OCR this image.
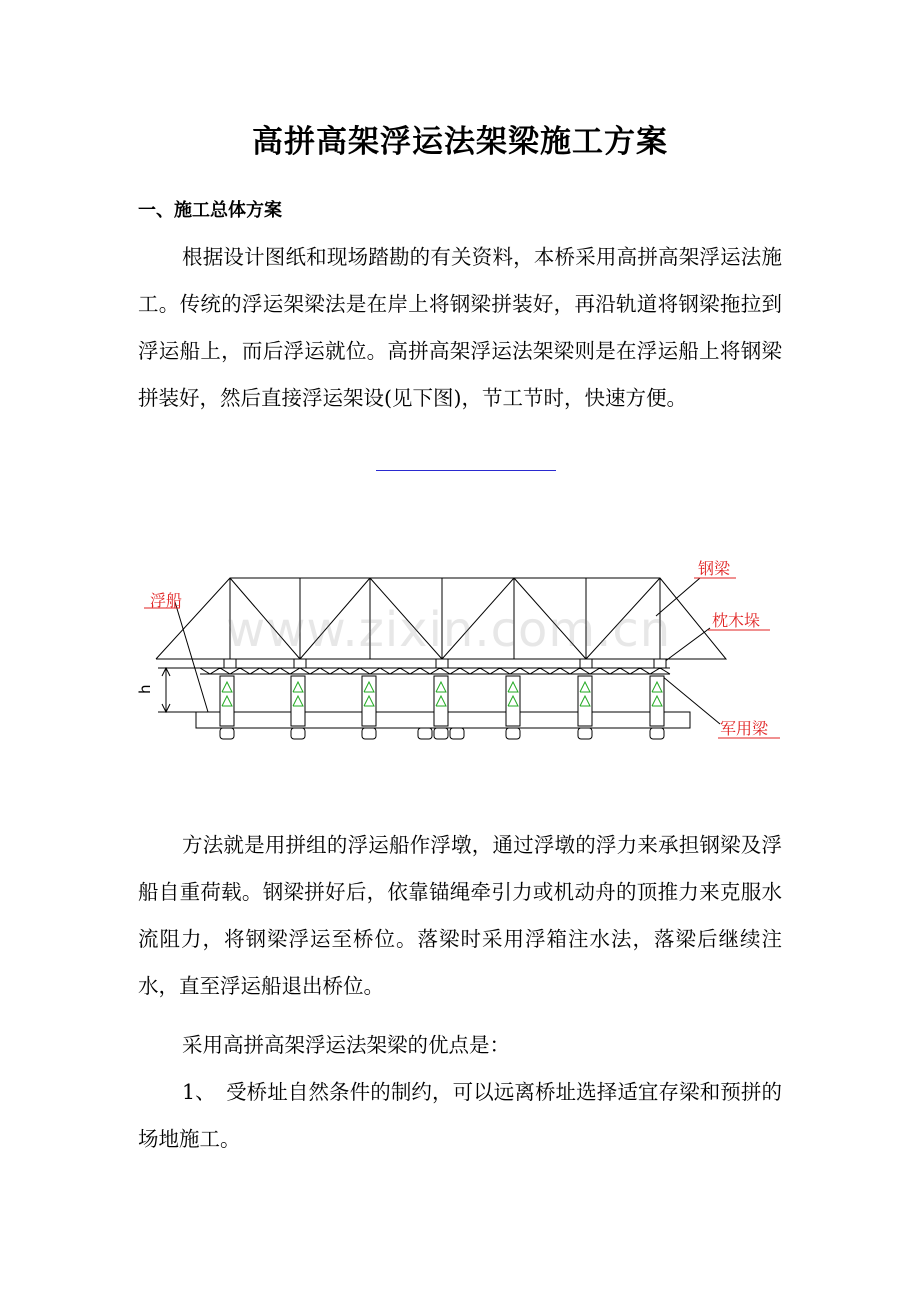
高拼高架浮运法架梁施工方案
一、施工总体方案

根据设计图纸和现场踏勘的有关资料，本桥采用高拼高架浮运法施工。传统的浮运架梁法是在岸上将钢梁拼装好，再沿轨道将钢梁拖拉到浮运船上，而后浮运就位。高拼高架浮运法架梁则是在浮运船上将钢梁拼装好，然后直接浮运架设(见下图)，节工节时，快速方便。

浮船
钢梁
枕木垛
军用梁
h
www.zixin.com.cn

方法就是用拼组的浮运船作浮墩，通过浮墩的浮力来承担钢梁及浮船自重荷载。钢梁拼好后，依靠锚绳牵引力或机动舟的顶推力来克服水流阻力，将钢梁浮运至桥位。落梁时采用浮箱注水法，落梁后继续注水，直至浮运船退出桥位。

采用高拼高架浮运法架梁的优点是：

1、　受桥址自然条件的制约，可以远离桥址选择适宜存梁和预拼的场地施工。
